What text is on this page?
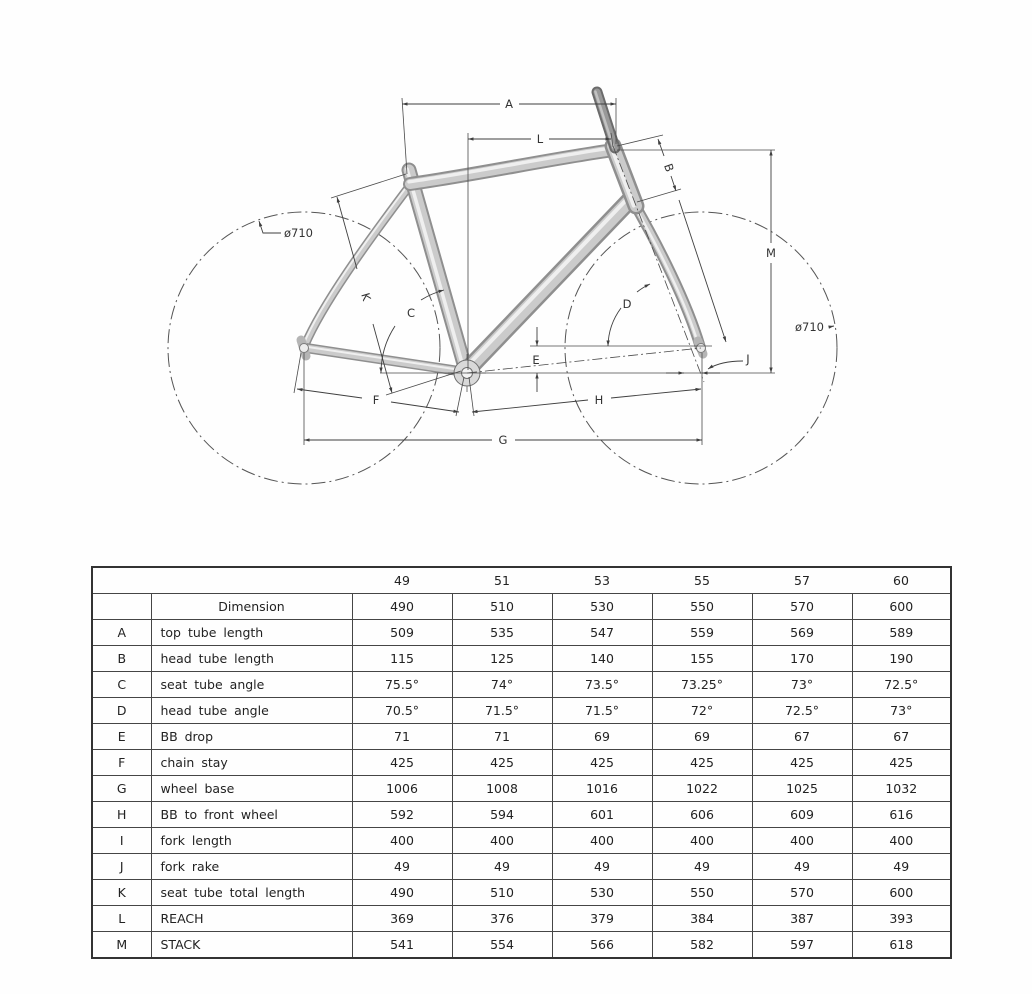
A
L
B
M
E
C
D
K
F	H
G
J
ø710
ø710
		49	51	53	55	57	60
	Dimension	490	510	530	550	570	600
A	top tube length	509	535	547	559	569	589
B	head tube length	115	125	140	155	170	190
C	seat tube angle	75.5°	74°	73.5°	73.25°	73°	72.5°
D	head tube angle	70.5°	71.5°	71.5°	72°	72.5°	73°
E	BB drop	71	71	69	69	67	67
F	chain stay	425	425	425	425	425	425
G	wheel base	1006	1008	1016	1022	1025	1032
H	BB to front wheel	592	594	601	606	609	616
I	fork length	400	400	400	400	400	400
J	fork rake	49	49	49	49	49	49
K	seat tube total length	490	510	530	550	570	600
L	REACH	369	376	379	384	387	393
M	STACK	541	554	566	582	597	618
